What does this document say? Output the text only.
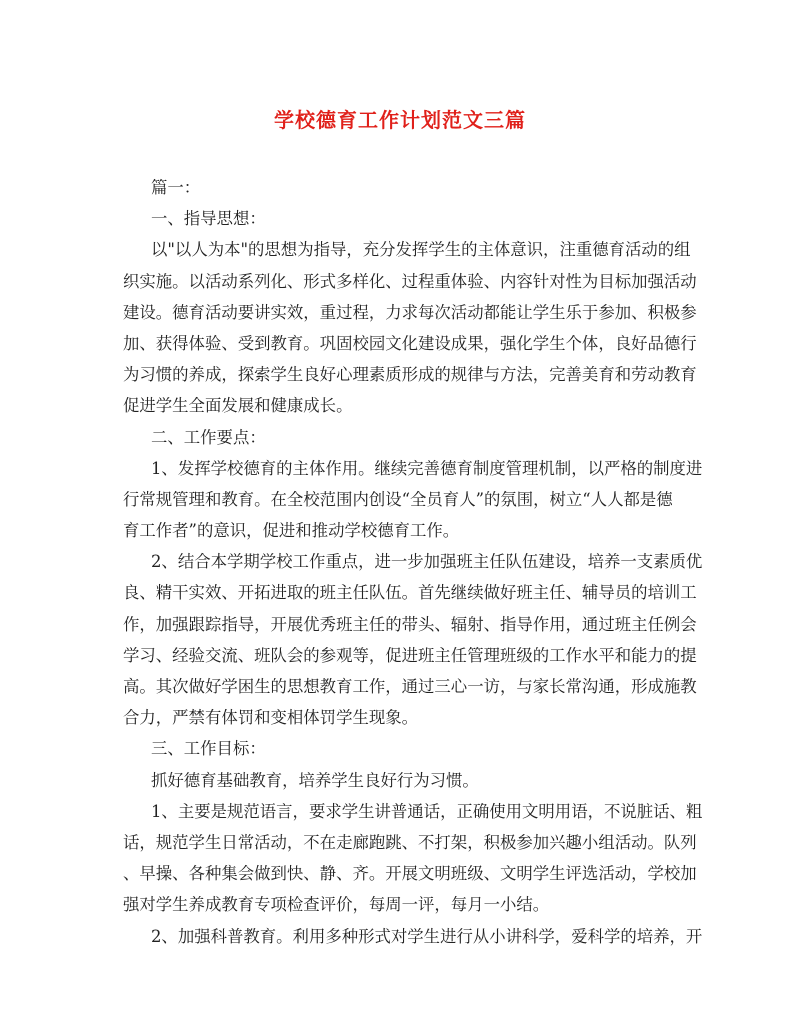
学校德育工作计划范文三篇
篇一：
一、指导思想：
以"以人为本"的思想为指导，充分发挥学生的主体意识，注重德育活动的组
织实施。以活动系列化、形式多样化、过程重体验、内容针对性为目标加强活动
建设。德育活动要讲实效，重过程，力求每次活动都能让学生乐于参加、积极参
加、获得体验、受到教育。巩固校园文化建设成果，强化学生个体，良好品德行
为习惯的养成，探索学生良好心理素质形成的规律与方法，完善美育和劳动教育
促进学生全面发展和健康成长。
二、工作要点：
1、发挥学校德育的主体作用。继续完善德育制度管理机制，以严格的制度进
行常规管理和教育。在全校范围内创设“全员育人”的氛围，树立“人人都是德
育工作者”的意识，促进和推动学校德育工作。
2、结合本学期学校工作重点，进一步加强班主任队伍建设，培养一支素质优
良、精干实效、开拓进取的班主任队伍。首先继续做好班主任、辅导员的培训工
作，加强跟踪指导，开展优秀班主任的带头、辐射、指导作用，通过班主任例会
学习、经验交流、班队会的参观等，促进班主任管理班级的工作水平和能力的提
高。其次做好学困生的思想教育工作，通过三心一访，与家长常沟通，形成施教
合力，严禁有体罚和变相体罚学生现象。
三、工作目标：
抓好德育基础教育，培养学生良好行为习惯。
1、主要是规范语言，要求学生讲普通话，正确使用文明用语，不说脏话、粗
话，规范学生日常活动，不在走廊跑跳、不打架，积极参加兴趣小组活动。队列
、早操、各种集会做到快、静、齐。开展文明班级、文明学生评选活动，学校加
强对学生养成教育专项检查评价，每周一评，每月一小结。
2、加强科普教育。利用多种形式对学生进行从小讲科学，爱科学的培养，开
